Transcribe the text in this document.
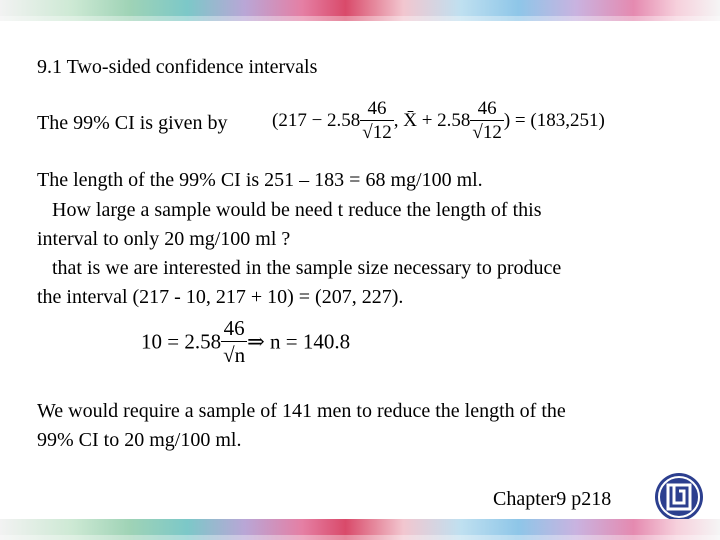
9.1 Two-sided confidence intervals
The 99% CI is given by ($217 - 2.58 \frac{46}{√12}$ , X̄ + $2.58 \frac{46}{√12}$ ) = (183,251)
The length of the 99% CI is 251 – 183 = 68 mg/100 ml.
How large a sample would be need t reduce the length of this
interval to only 20 mg/100 ml ?
that is we are interested in the sample size necessary to produce
the interval (217 - 10, 217 + 10) = (207, 227).
$10 = 2.58 \frac{46}{√n}$ ⇒ n = 140.8
We would require a sample of 141 men to reduce the length of the
99% CI to 20 mg/100 ml.
Chapter9 p218
